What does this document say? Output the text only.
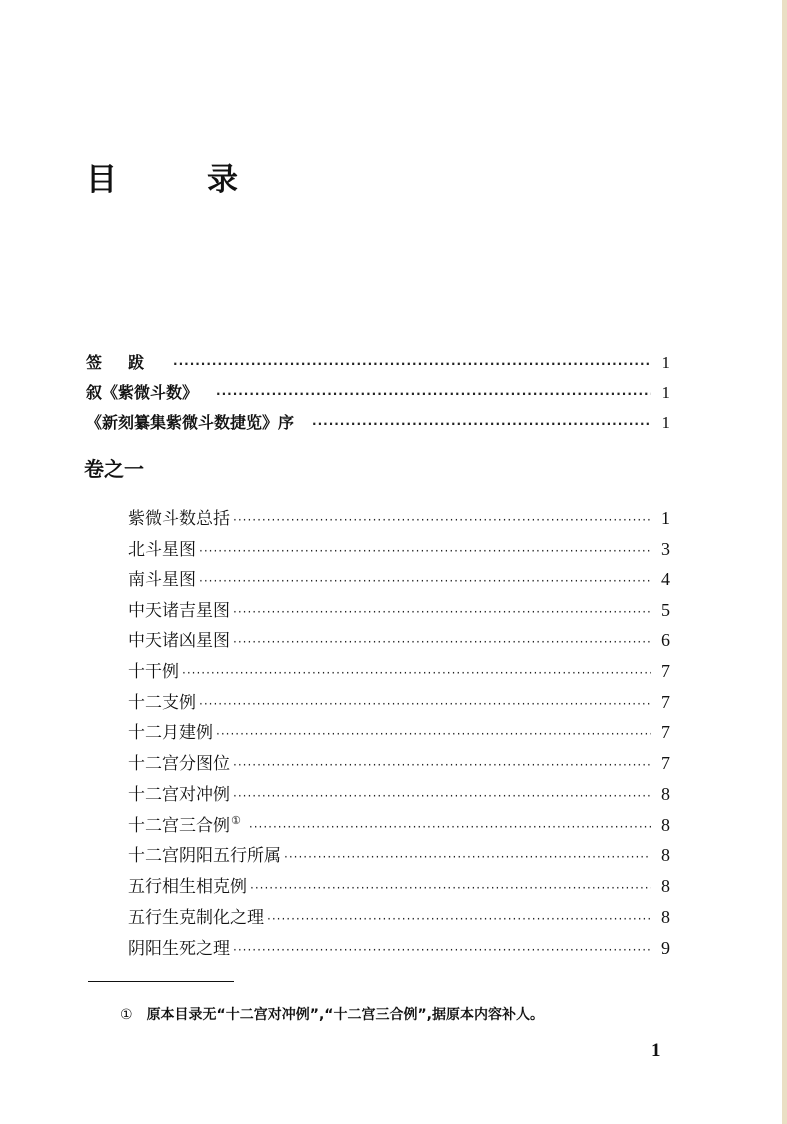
目	录
签跋 ·····	1
叙《紫微斗数》 ·····	1
《新刻纂集紫微斗数捷览》序 ·····	1
卷之一
紫微斗数总括 ·····	1
北斗星图 ·····	3
南斗星图 ·····	4
中天诸吉星图 ·····	5
中天诸凶星图 ·····	6
十干例 ·····	7
十二支例 ·····	7
十二月建例 ·····	7
十二宫分图位 ·····	7
十二宫对冲例 ·····	8
十二宫三合例① ·····	8
十二宫阴阳五行所属 ·····	8
五行相生相克例 ·····	8
五行生克制化之理 ·····	8
阴阳生死之理 ·····	9
① 原本目录无“十二宫对冲例”,“十二宫三合例”,据原本内容补人。
1
